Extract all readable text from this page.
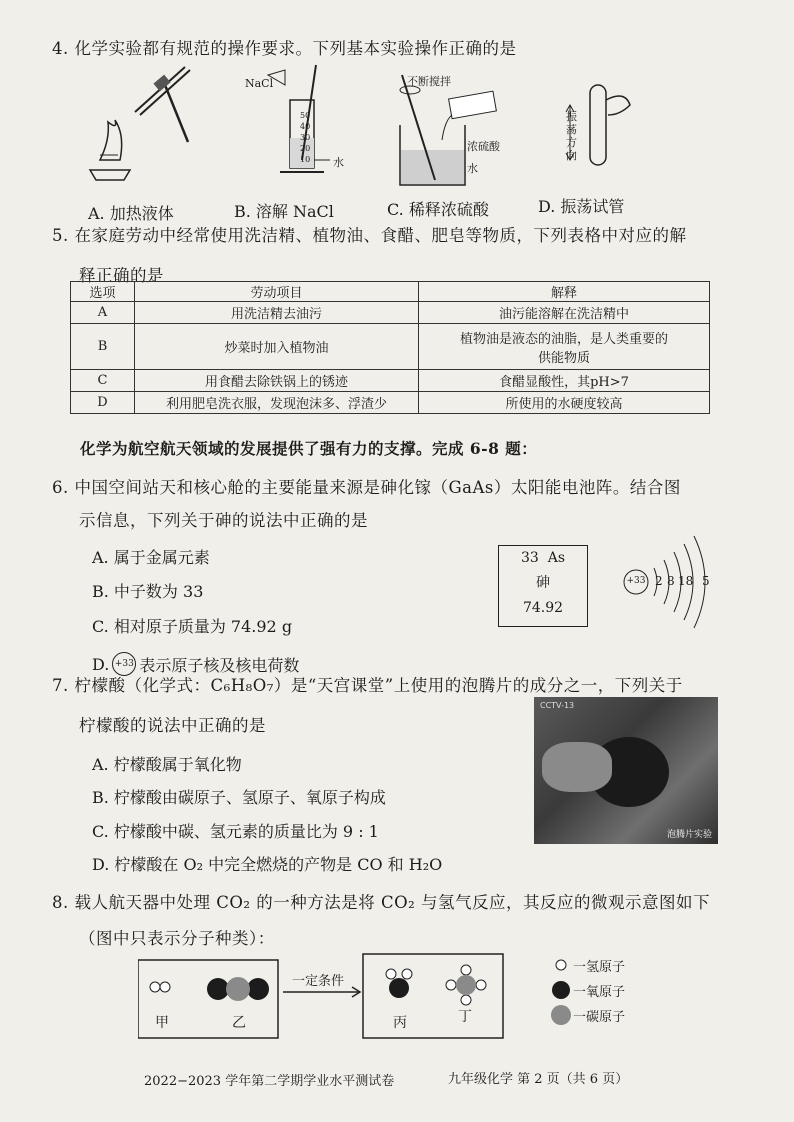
4. 化学实验都有规范的操作要求。下列基本实验操作正确的是
NaCl
50
40
30
20
10 水
不断搅拌
浓硫酸
水
振
荡
方
向
A. 加热液体	B. 溶解 NaCl	C. 稀释浓硫酸	D. 振荡试管
5. 在家庭劳动中经常使用洗洁精、植物油、食醋、肥皂等物质，下列表格中对应的解
释正确的是
选项	劳动项目	解释
A	用洗洁精去油污	油污能溶解在洗洁精中
B	炒菜时加入植物油	植物油是液态的油脂，是人类重要的
供能物质

C	用食醋去除铁锅上的锈迹	食醋显酸性，其pH>7
D	利用肥皂洗衣服，发现泡沫多、浮渣少	所使用的水硬度较高
化学为航空航天领域的发展提供了强有力的支撑。完成 6-8 题：
6. 中国空间站天和核心舱的主要能量来源是砷化镓（GaAs）太阳能电池阵。结合图
示信息，下列关于砷的说法中正确的是
A. 属于金属元素
B. 中子数为 33
C. 相对原子质量为 74.92 g
D. +33 表示原子核及核电荷数
33 As
砷
74.92
+33 2 8 18 5
7. 柠檬酸（化学式：C₆H₈O₇）是“天宫课堂”上使用的泡腾片的成分之一，下列关于
柠檬酸的说法中正确的是
A. 柠檬酸属于氧化物
B. 柠檬酸由碳原子、氢原子、氧原子构成
C. 柠檬酸中碳、氢元素的质量比为 9 : 1
D. 柠檬酸在 O₂ 中完全燃烧的产物是 CO 和 H₂O
CCTV-13
泡腾片实验
8. 载人航天器中处理 CO₂ 的一种方法是将 CO₂ 与氢气反应，其反应的微观示意图如下
（图中只表示分子种类）：
一定条件
甲	乙	丙	丁
一氢原子
一氧原子
一碳原子
2022−2023 学年第二学期学业水平测试卷	九年级化学 第 2 页（共 6 页）
